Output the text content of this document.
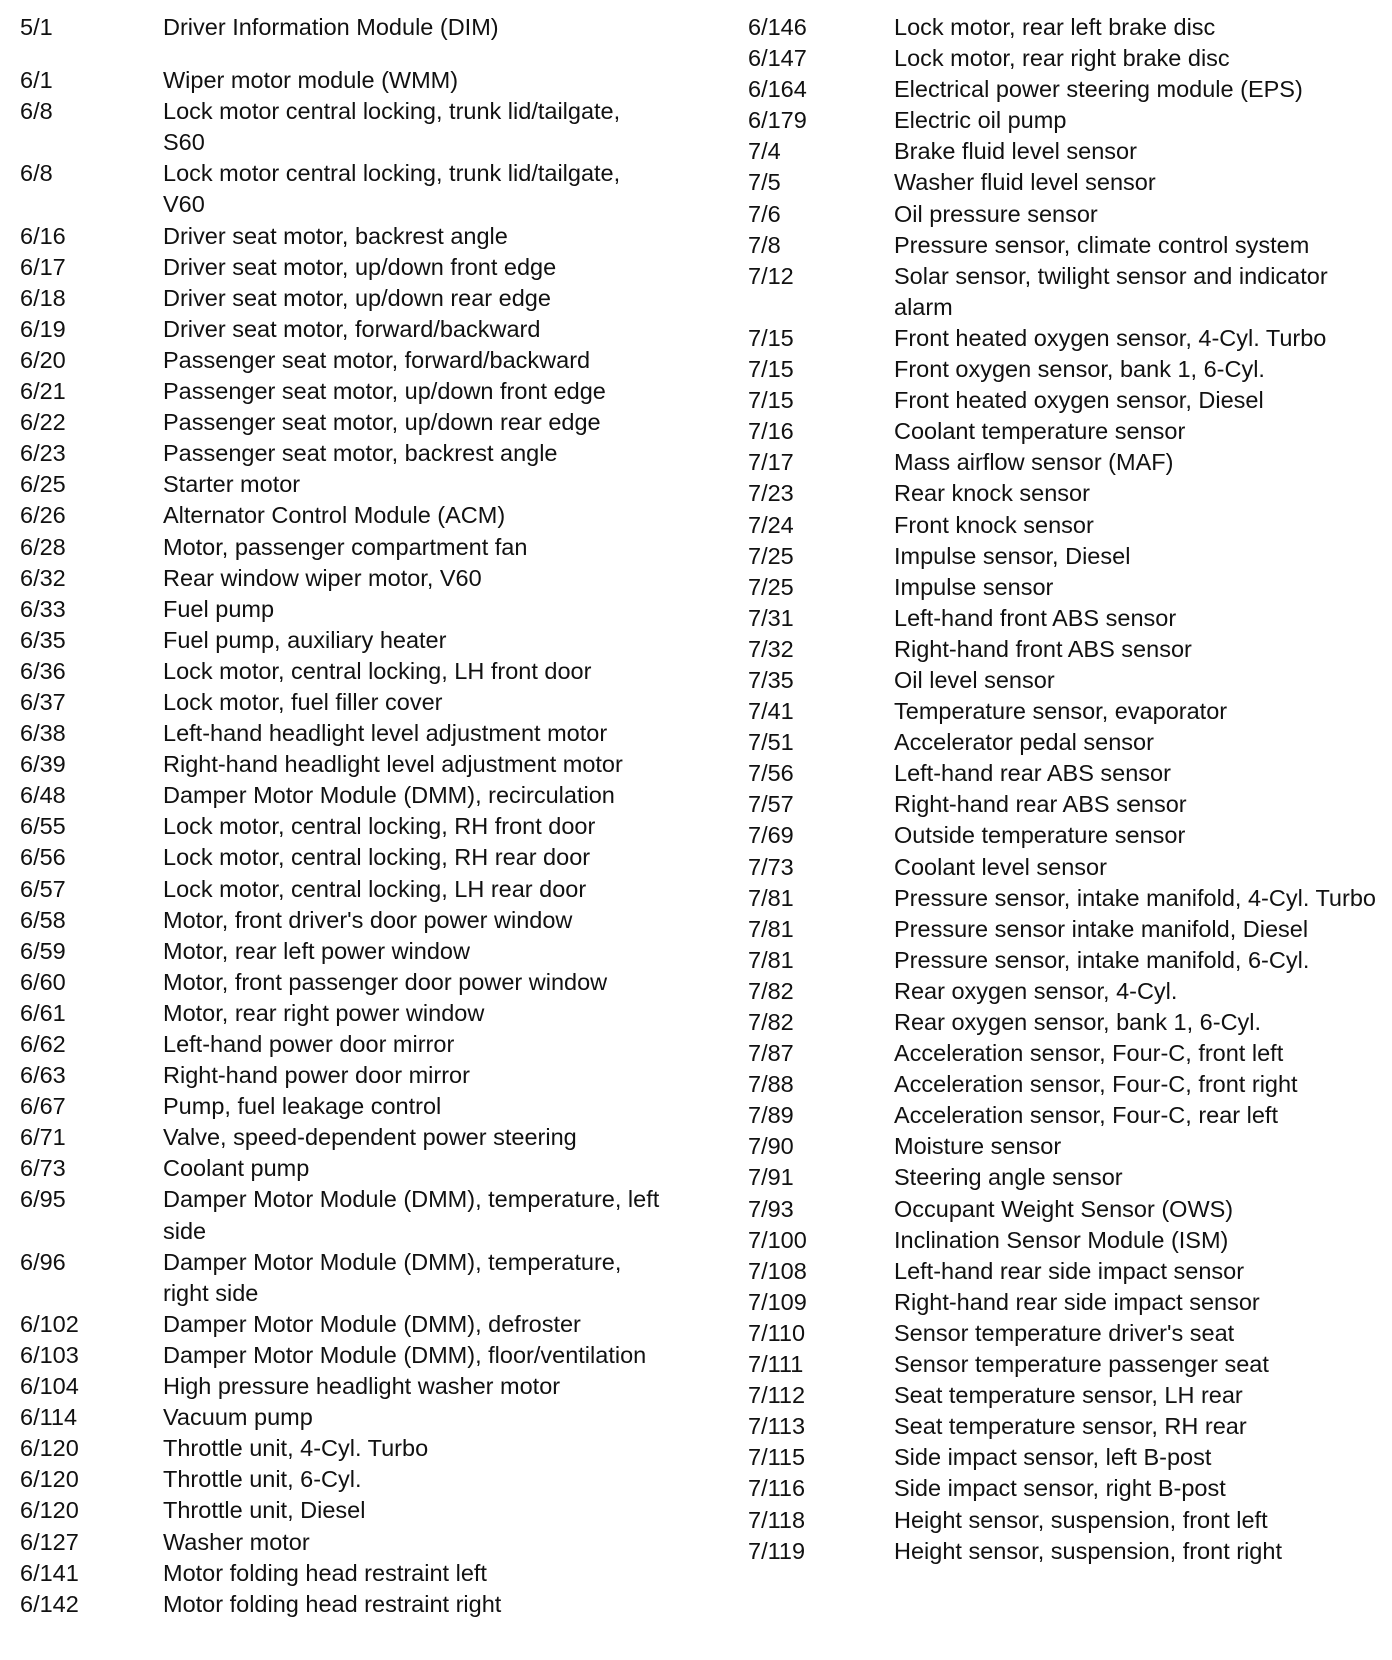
5/1	Driver Information Module (DIM)
6/1	Wiper motor module (WMM)
6/8	Lock motor central locking, trunk lid/tailgate, S60
6/8	Lock motor central locking, trunk lid/tailgate, V60
6/16	Driver seat motor, backrest angle
6/17	Driver seat motor, up/down front edge
6/18	Driver seat motor, up/down rear edge
6/19	Driver seat motor, forward/backward
6/20	Passenger seat motor, forward/backward
6/21	Passenger seat motor, up/down front edge
6/22	Passenger seat motor, up/down rear edge
6/23	Passenger seat motor, backrest angle
6/25	Starter motor
6/26	Alternator Control Module (ACM)
6/28	Motor, passenger compartment fan
6/32	Rear window wiper motor, V60
6/33	Fuel pump
6/35	Fuel pump, auxiliary heater
6/36	Lock motor, central locking, LH front door
6/37	Lock motor, fuel filler cover
6/38	Left-hand headlight level adjustment motor
6/39	Right-hand headlight level adjustment motor
6/48	Damper Motor Module (DMM), recirculation
6/55	Lock motor, central locking, RH front door
6/56	Lock motor, central locking, RH rear door
6/57	Lock motor, central locking, LH rear door
6/58	Motor, front driver's door power window
6/59	Motor, rear left power window
6/60	Motor, front passenger door power window
6/61	Motor, rear right power window
6/62	Left-hand power door mirror
6/63	Right-hand power door mirror
6/67	Pump, fuel leakage control
6/71	Valve, speed-dependent power steering
6/73	Coolant pump
6/95	Damper Motor Module (DMM), temperature, left side
6/96	Damper Motor Module (DMM), temperature, right side
6/102	Damper Motor Module (DMM), defroster
6/103	Damper Motor Module (DMM), floor/ventilation
6/104	High pressure headlight washer motor
6/114	Vacuum pump
6/120	Throttle unit, 4-Cyl. Turbo
6/120	Throttle unit, 6-Cyl.
6/120	Throttle unit, Diesel
6/127	Washer motor
6/141	Motor folding head restraint left
6/142	Motor folding head restraint right
6/146	Lock motor, rear left brake disc
6/147	Lock motor, rear right brake disc
6/164	Electrical power steering module (EPS)
6/179	Electric oil pump
7/4	Brake fluid level sensor
7/5	Washer fluid level sensor
7/6	Oil pressure sensor
7/8	Pressure sensor, climate control system
7/12	Solar sensor, twilight sensor and indicator alarm
7/15	Front heated oxygen sensor, 4-Cyl. Turbo
7/15	Front oxygen sensor, bank 1, 6-Cyl.
7/15	Front heated oxygen sensor, Diesel
7/16	Coolant temperature sensor
7/17	Mass airflow sensor (MAF)
7/23	Rear knock sensor
7/24	Front knock sensor
7/25	Impulse sensor, Diesel
7/25	Impulse sensor
7/31	Left-hand front ABS sensor
7/32	Right-hand front ABS sensor
7/35	Oil level sensor
7/41	Temperature sensor, evaporator
7/51	Accelerator pedal sensor
7/56	Left-hand rear ABS sensor
7/57	Right-hand rear ABS sensor
7/69	Outside temperature sensor
7/73	Coolant level sensor
7/81	Pressure sensor, intake manifold, 4-Cyl. Turbo
7/81	Pressure sensor intake manifold, Diesel
7/81	Pressure sensor, intake manifold, 6-Cyl.
7/82	Rear oxygen sensor, 4-Cyl.
7/82	Rear oxygen sensor, bank 1, 6-Cyl.
7/87	Acceleration sensor, Four-C, front left
7/88	Acceleration sensor, Four-C, front right
7/89	Acceleration sensor, Four-C, rear left
7/90	Moisture sensor
7/91	Steering angle sensor
7/93	Occupant Weight Sensor (OWS)
7/100	Inclination Sensor Module (ISM)
7/108	Left-hand rear side impact sensor
7/109	Right-hand rear side impact sensor
7/110	Sensor temperature driver's seat
7/111	Sensor temperature passenger seat
7/112	Seat temperature sensor, LH rear
7/113	Seat temperature sensor, RH rear
7/115	Side impact sensor, left B-post
7/116	Side impact sensor, right B-post
7/118	Height sensor, suspension, front left
7/119	Height sensor, suspension, front right
